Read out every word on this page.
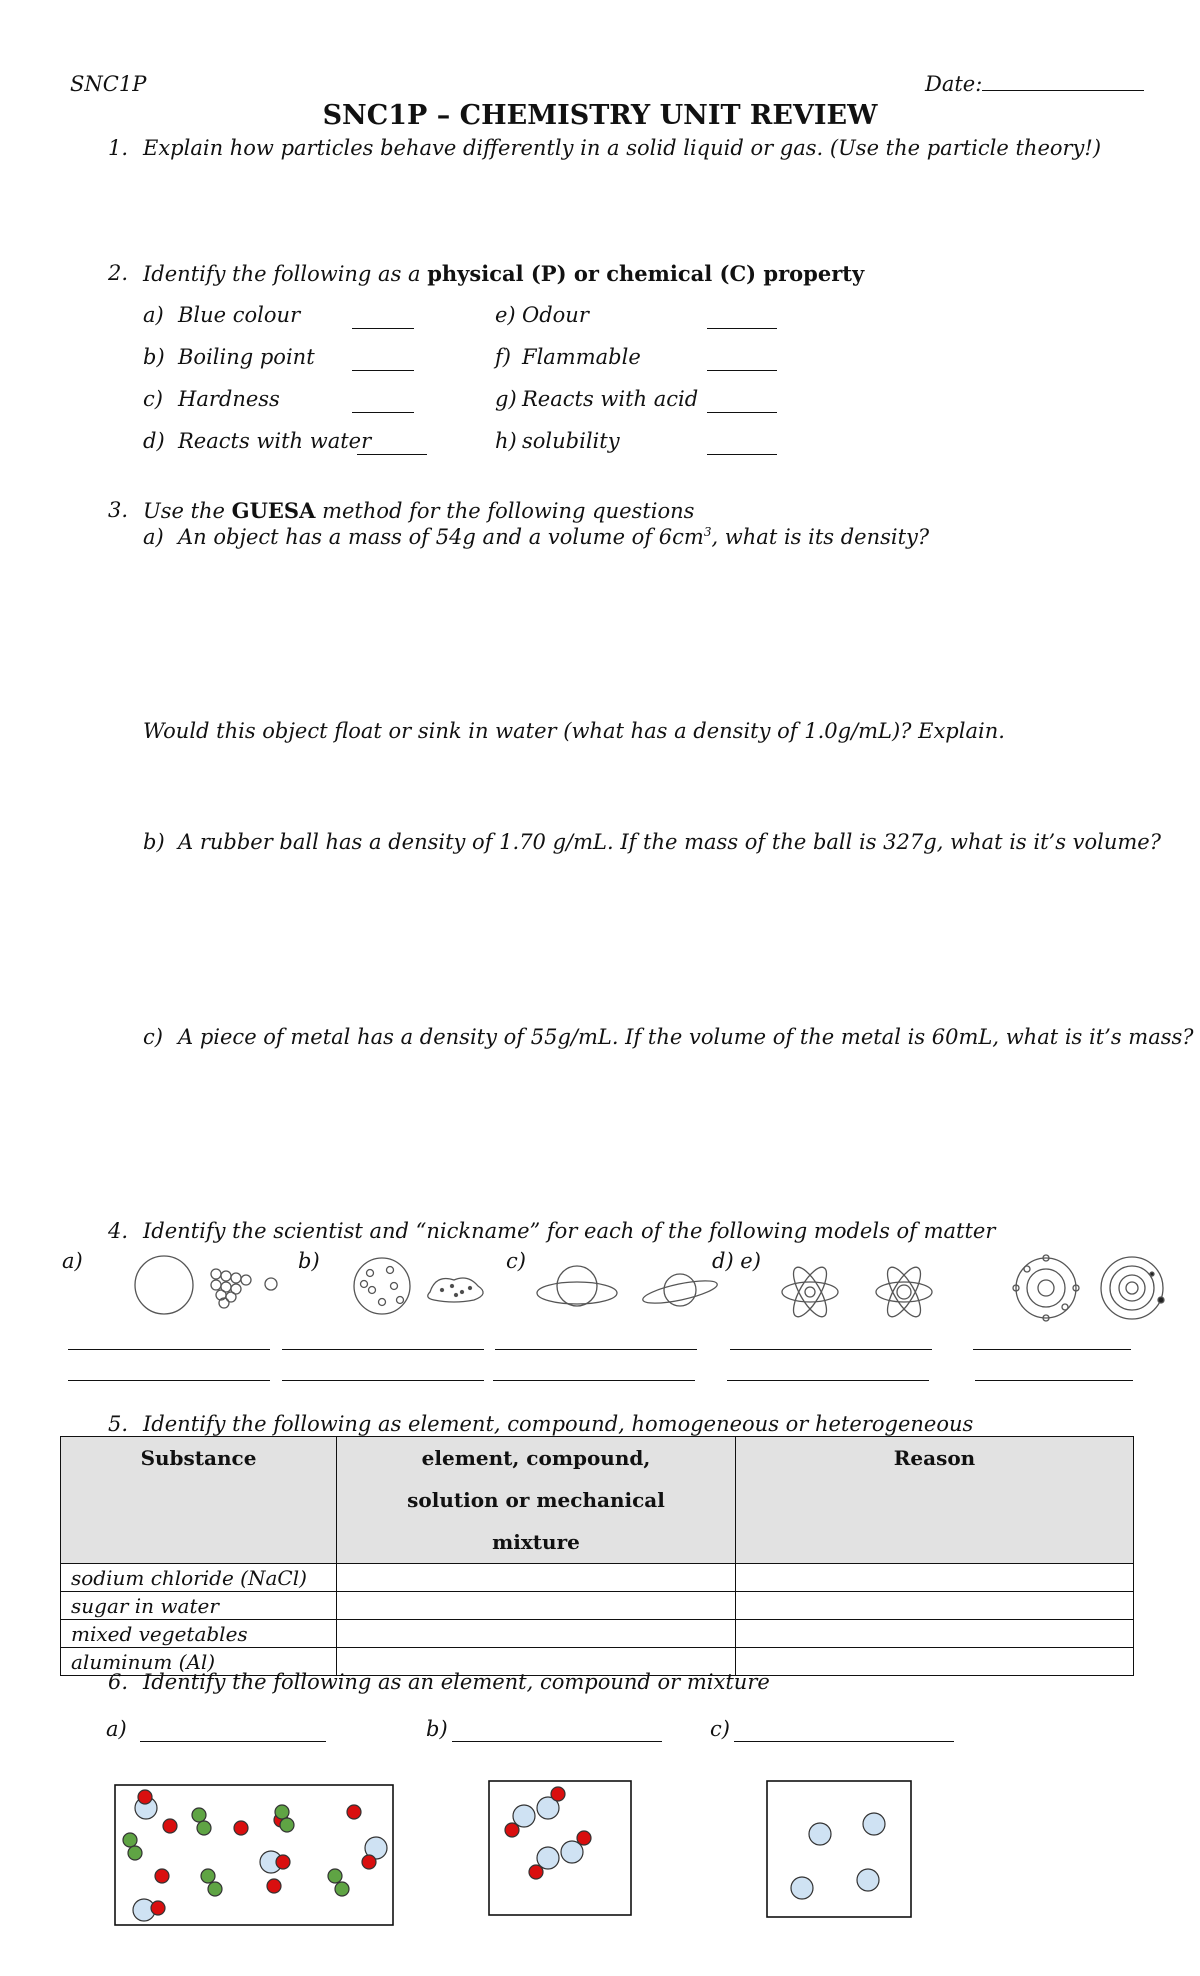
SNC1P	Date:
SNC1P – CHEMISTRY UNIT REVIEW
1. Explain how particles behave differently in a solid liquid or gas. (Use the particle theory!)
2. Identify the following as a physical (P) or chemical (C) property
a) Blue colour
b) Boiling point
c) Hardness
d) Reacts with water
e) Odour
f) Flammable
g) Reacts with acid
h) solubility
3. Use the GUESA method for the following questions
a) An object has a mass of 54g and a volume of $6cm^3$, what is its density?
Would this object float or sink in water (what has a density of 1.0g/mL)? Explain.
b) A rubber ball has a density of 1.70 g/mL. If the mass of the ball is 327g, what is it’s volume?
c) A piece of metal has a density of 55g/mL. If the volume of the metal is 60mL, what is it’s mass?
4. Identify the scientist and “nickname” for each of the following models of matter
a)	b)	c)	d) e)
5. Identify the following as element, compound, homogeneous or heterogeneous
Substance	element, compound, solution or mechanical mixture	Reason
sodium chloride (NaCl)		
sugar in water		
mixed vegetables		
aluminum (Al)		
6. Identify the following as an element, compound or mixture
a)	b)	c)
